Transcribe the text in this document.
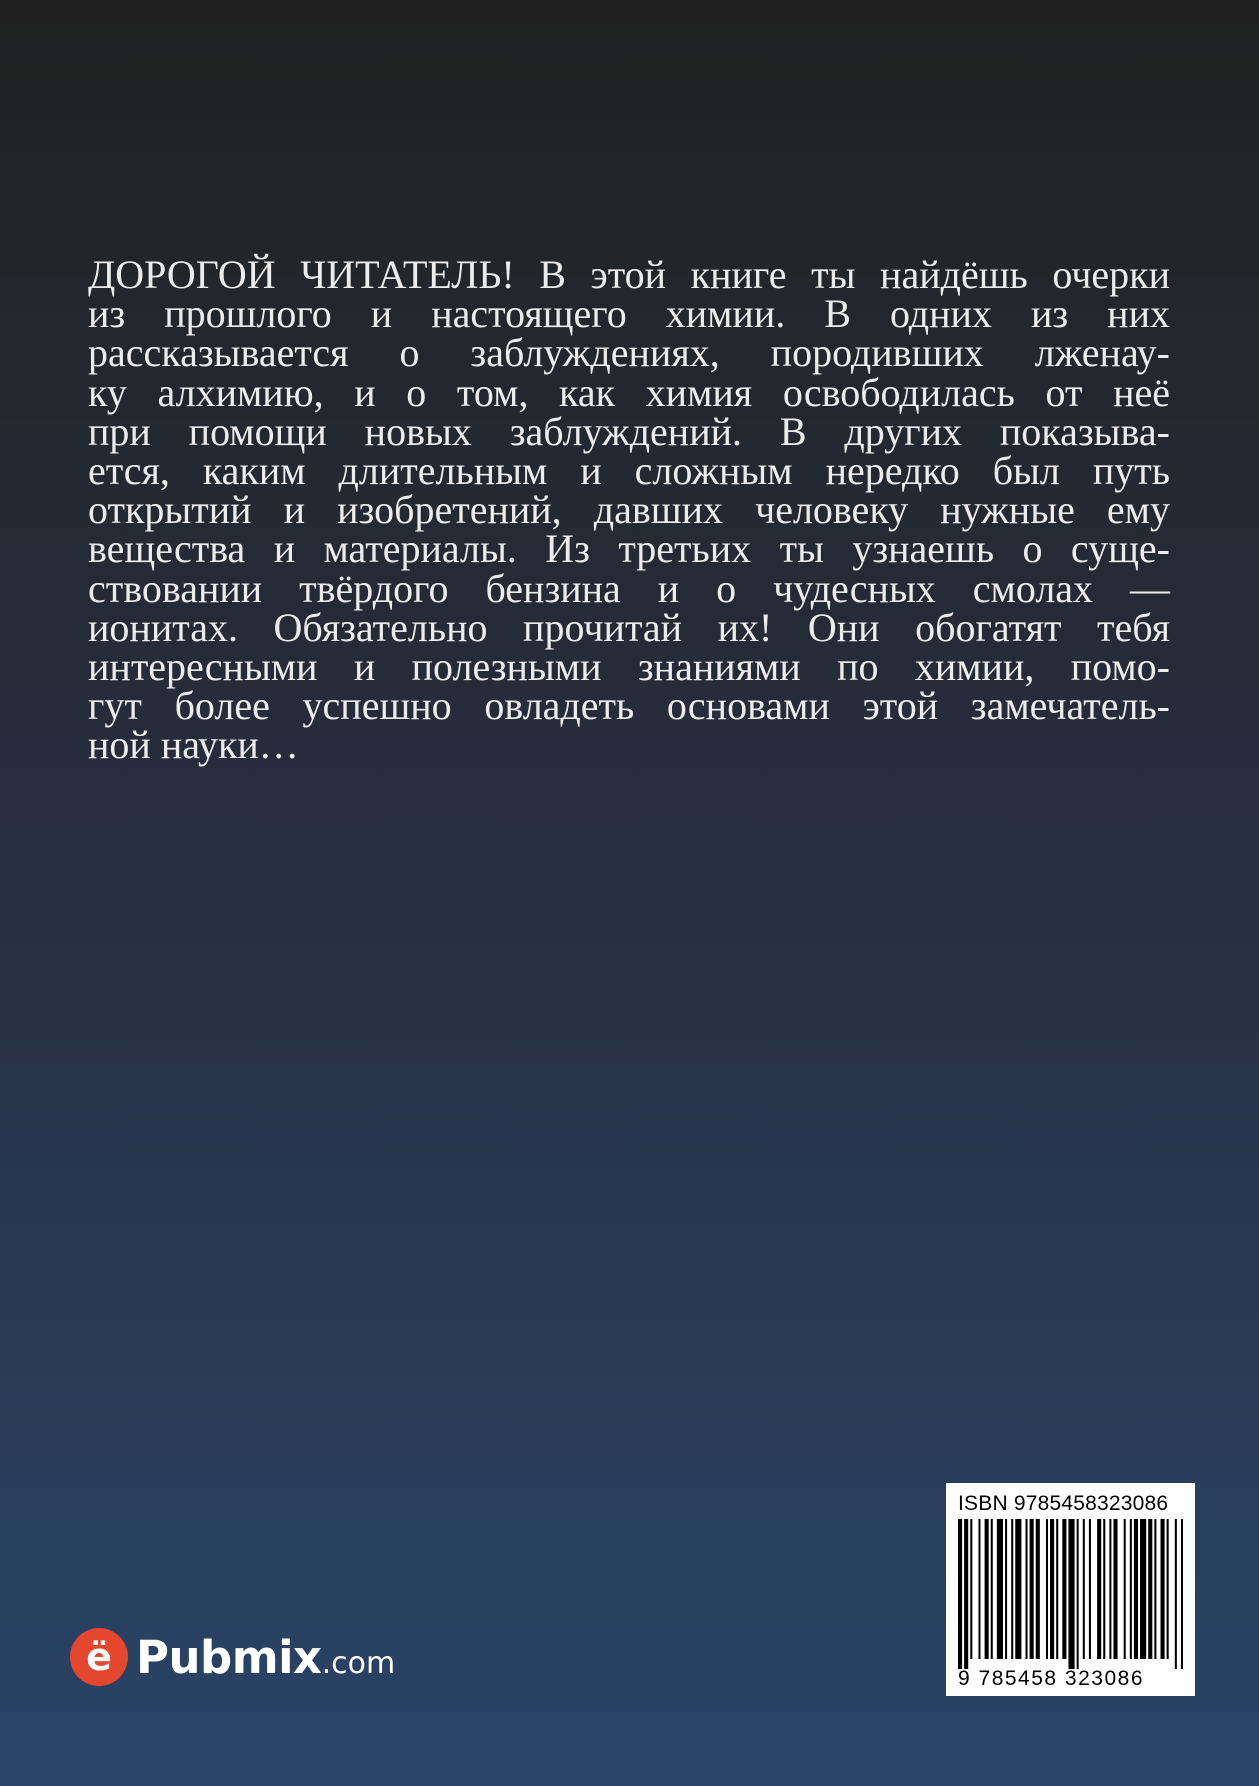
ДОРОГОЙ ЧИТАТЕЛЬ! В этой книге ты найдёшь очерки
из прошлого и настоящего химии. В одних из них
рассказывается о заблуждениях, породивших лженау-
ку алхимию, и о том, как химия освободилась от неё
при помощи новых заблуждений. В других показыва-
ется, каким длительным и сложным нередко был путь
открытий и изобретений, давших человеку нужные ему
вещества и материалы. Из третьих ты узнаешь о суще-
ствовании твёрдого бензина и о чудесных смолах —
ионитах. Обязательно прочитай их! Они обогатят тебя
интересными и полезными знаниями по химии, помо-
гут более успешно овладеть основами этой замечатель-
ной науки…
ё Pubmix.com
ISBN 9785458323086
9 785458 323086
